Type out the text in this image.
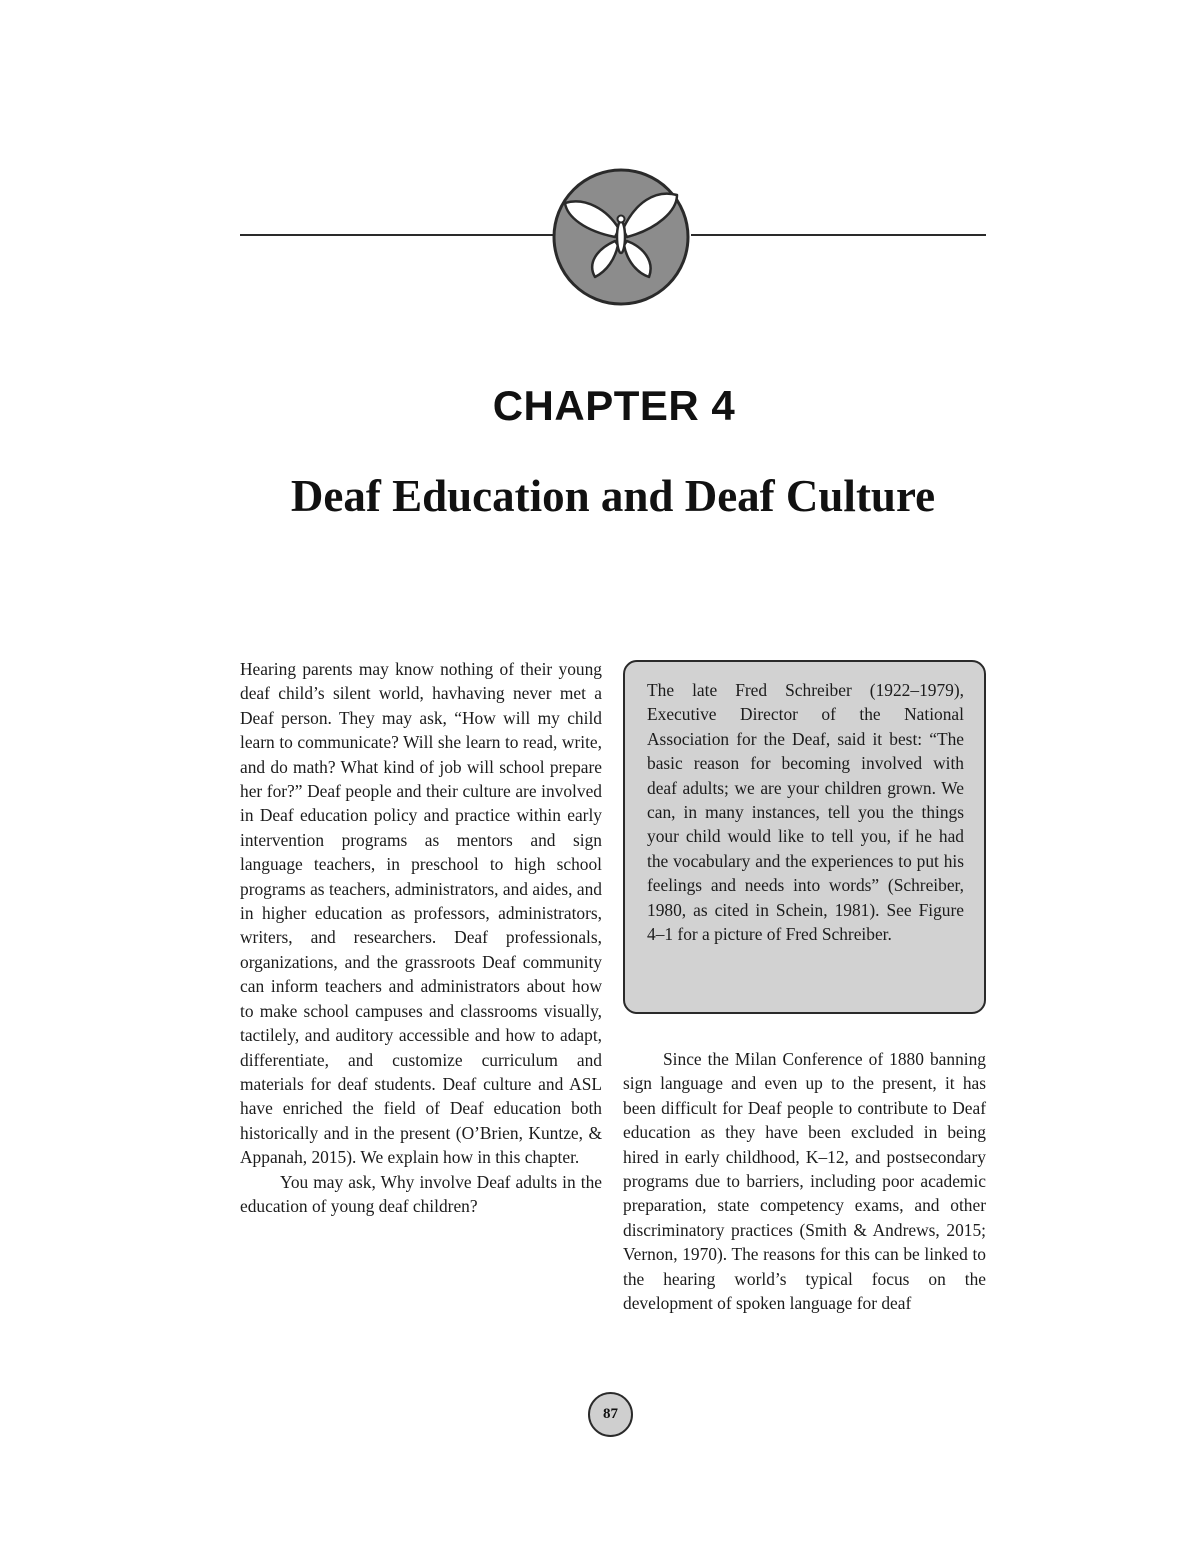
CHAPTER 4
Deaf Education and Deaf Culture

Hearing parents may know nothing of their young deaf child’s silent world, havhaving never met a Deaf person. They may ask, “How will my child learn to communicate? Will she learn to read, write, and do math? What kind of job will school prepare her for?” Deaf people and their culture are involved in Deaf education policy and practice within early intervention programs as mentors and sign language teachers, in preschool to high school programs as teachers, administrators, and aides, and in higher education as professors, administrators, writers, and researchers. Deaf professionals, organizations, and the grassroots Deaf community can inform teachers and administrators about how to make school campuses and classrooms visually, tactilely, and auditory accessible and how to adapt, differentiate, and customize curriculum and materials for deaf students. Deaf culture and ASL have enriched the field of Deaf education both historically and in the present (O’Brien, Kuntze, & Appanah, 2015). We explain how in this chapter.

You may ask, Why involve Deaf adults in the education of young deaf children?

The late Fred Schreiber (1922–1979), Executive Director of the National Association for the Deaf, said it best: “The basic reason for becoming involved with deaf adults; we are your children grown. We can, in many instances, tell you the things your child would like to tell you, if he had the vocabulary and the experiences to put his feelings and needs into words” (Schreiber, 1980, as cited in Schein, 1981). See Figure 4–1 for a picture of Fred Schreiber.

Since the Milan Conference of 1880 banning sign language and even up to the present, it has been difficult for Deaf people to contribute to Deaf education as they have been excluded in being hired in early childhood, K–12, and postsecondary programs due to barriers, including poor academic preparation, state competency exams, and other discriminatory practices (Smith & Andrews, 2015; Vernon, 1970). The reasons for this can be linked to the hearing world’s typical focus on the development of spoken language for deaf

87
